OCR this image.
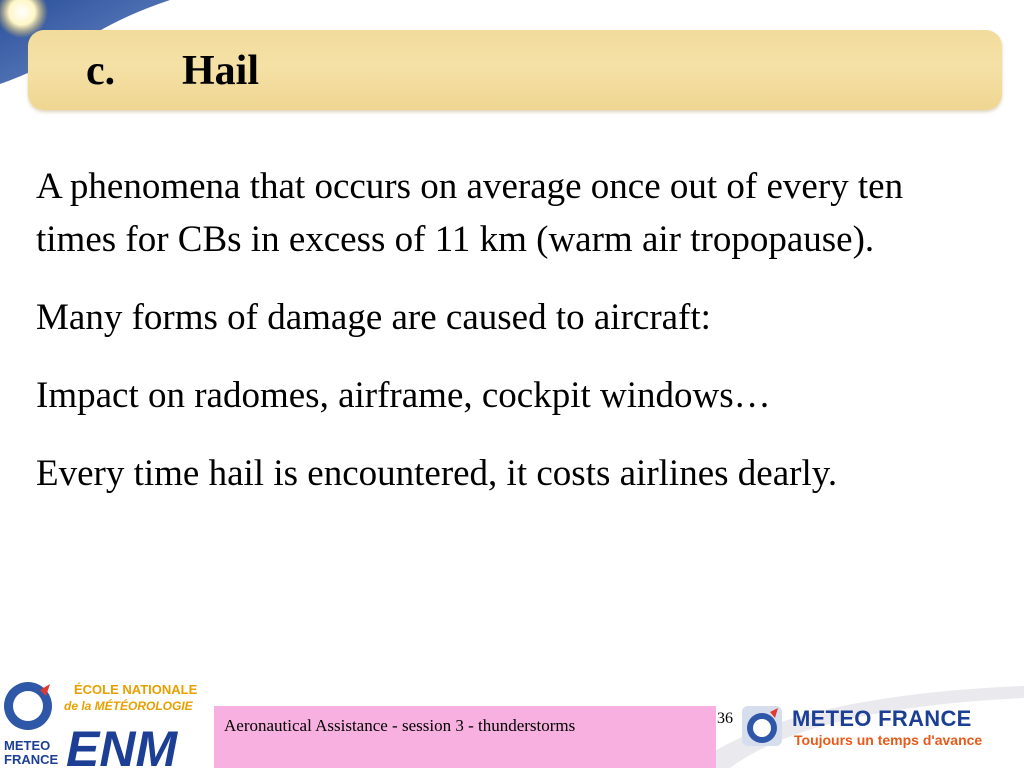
c. Hail

A phenomena that occurs on average once out of every ten times for CBs in excess of 11 km (warm air tropopause).

Many forms of damage are caused to aircraft:

Impact on radomes, airframe, cockpit windows…

Every time hail is encountered, it costs airlines dearly.

METEO
FRANCE
ÉCOLE NATIONALE
de la MÉTÉOROLOGIE
ENM	Aeronautical Assistance - session 3 - thunderstorms	36	METEO FRANCE
Toujours un temps d'avance
